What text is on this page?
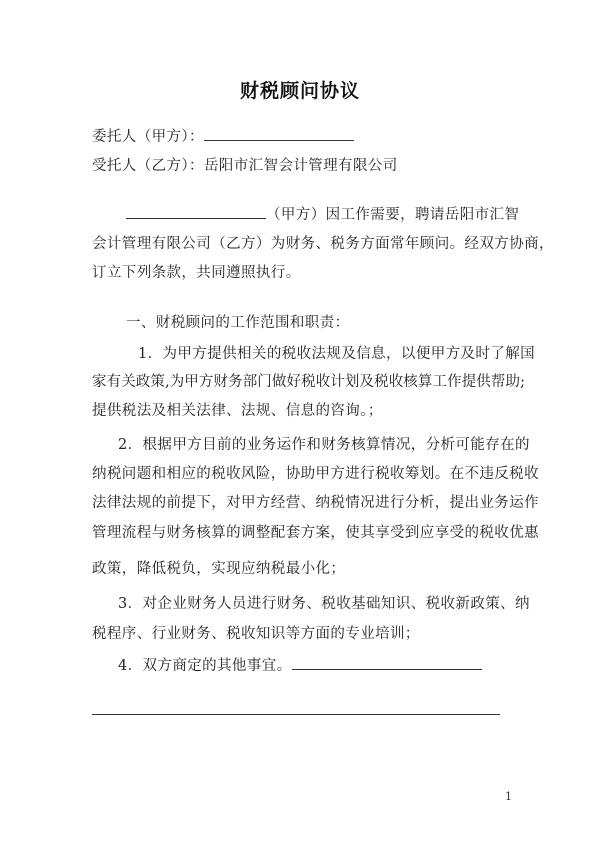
财税顾问协议
委托人（甲方）：
受托人（乙方）：岳阳市汇智会计管理有限公司
（甲方）因工作需要，聘请岳阳市汇智
会计管理有限公司（乙方）为财务、税务方面常年顾问。经双方协商，
订立下列条款，共同遵照执行。
一、财税顾问的工作范围和职责：
1．为甲方提供相关的税收法规及信息，以便甲方及时了解国
家有关政策,为甲方财务部门做好税收计划及税收核算工作提供帮助;
提供税法及相关法律、法规、信息的咨询。；
2．根据甲方目前的业务运作和财务核算情况，分析可能存在的
纳税问题和相应的税收风险，协助甲方进行税收筹划。在不违反税收
法律法规的前提下，对甲方经营、纳税情况进行分析，提出业务运作
管理流程与财务核算的调整配套方案，使其享受到应享受的税收优惠
政策，降低税负，实现应纳税最小化；
3．对企业财务人员进行财务、税收基础知识、税收新政策、纳
税程序、行业财务、税收知识等方面的专业培训；
4．双方商定的其他事宜。
1
